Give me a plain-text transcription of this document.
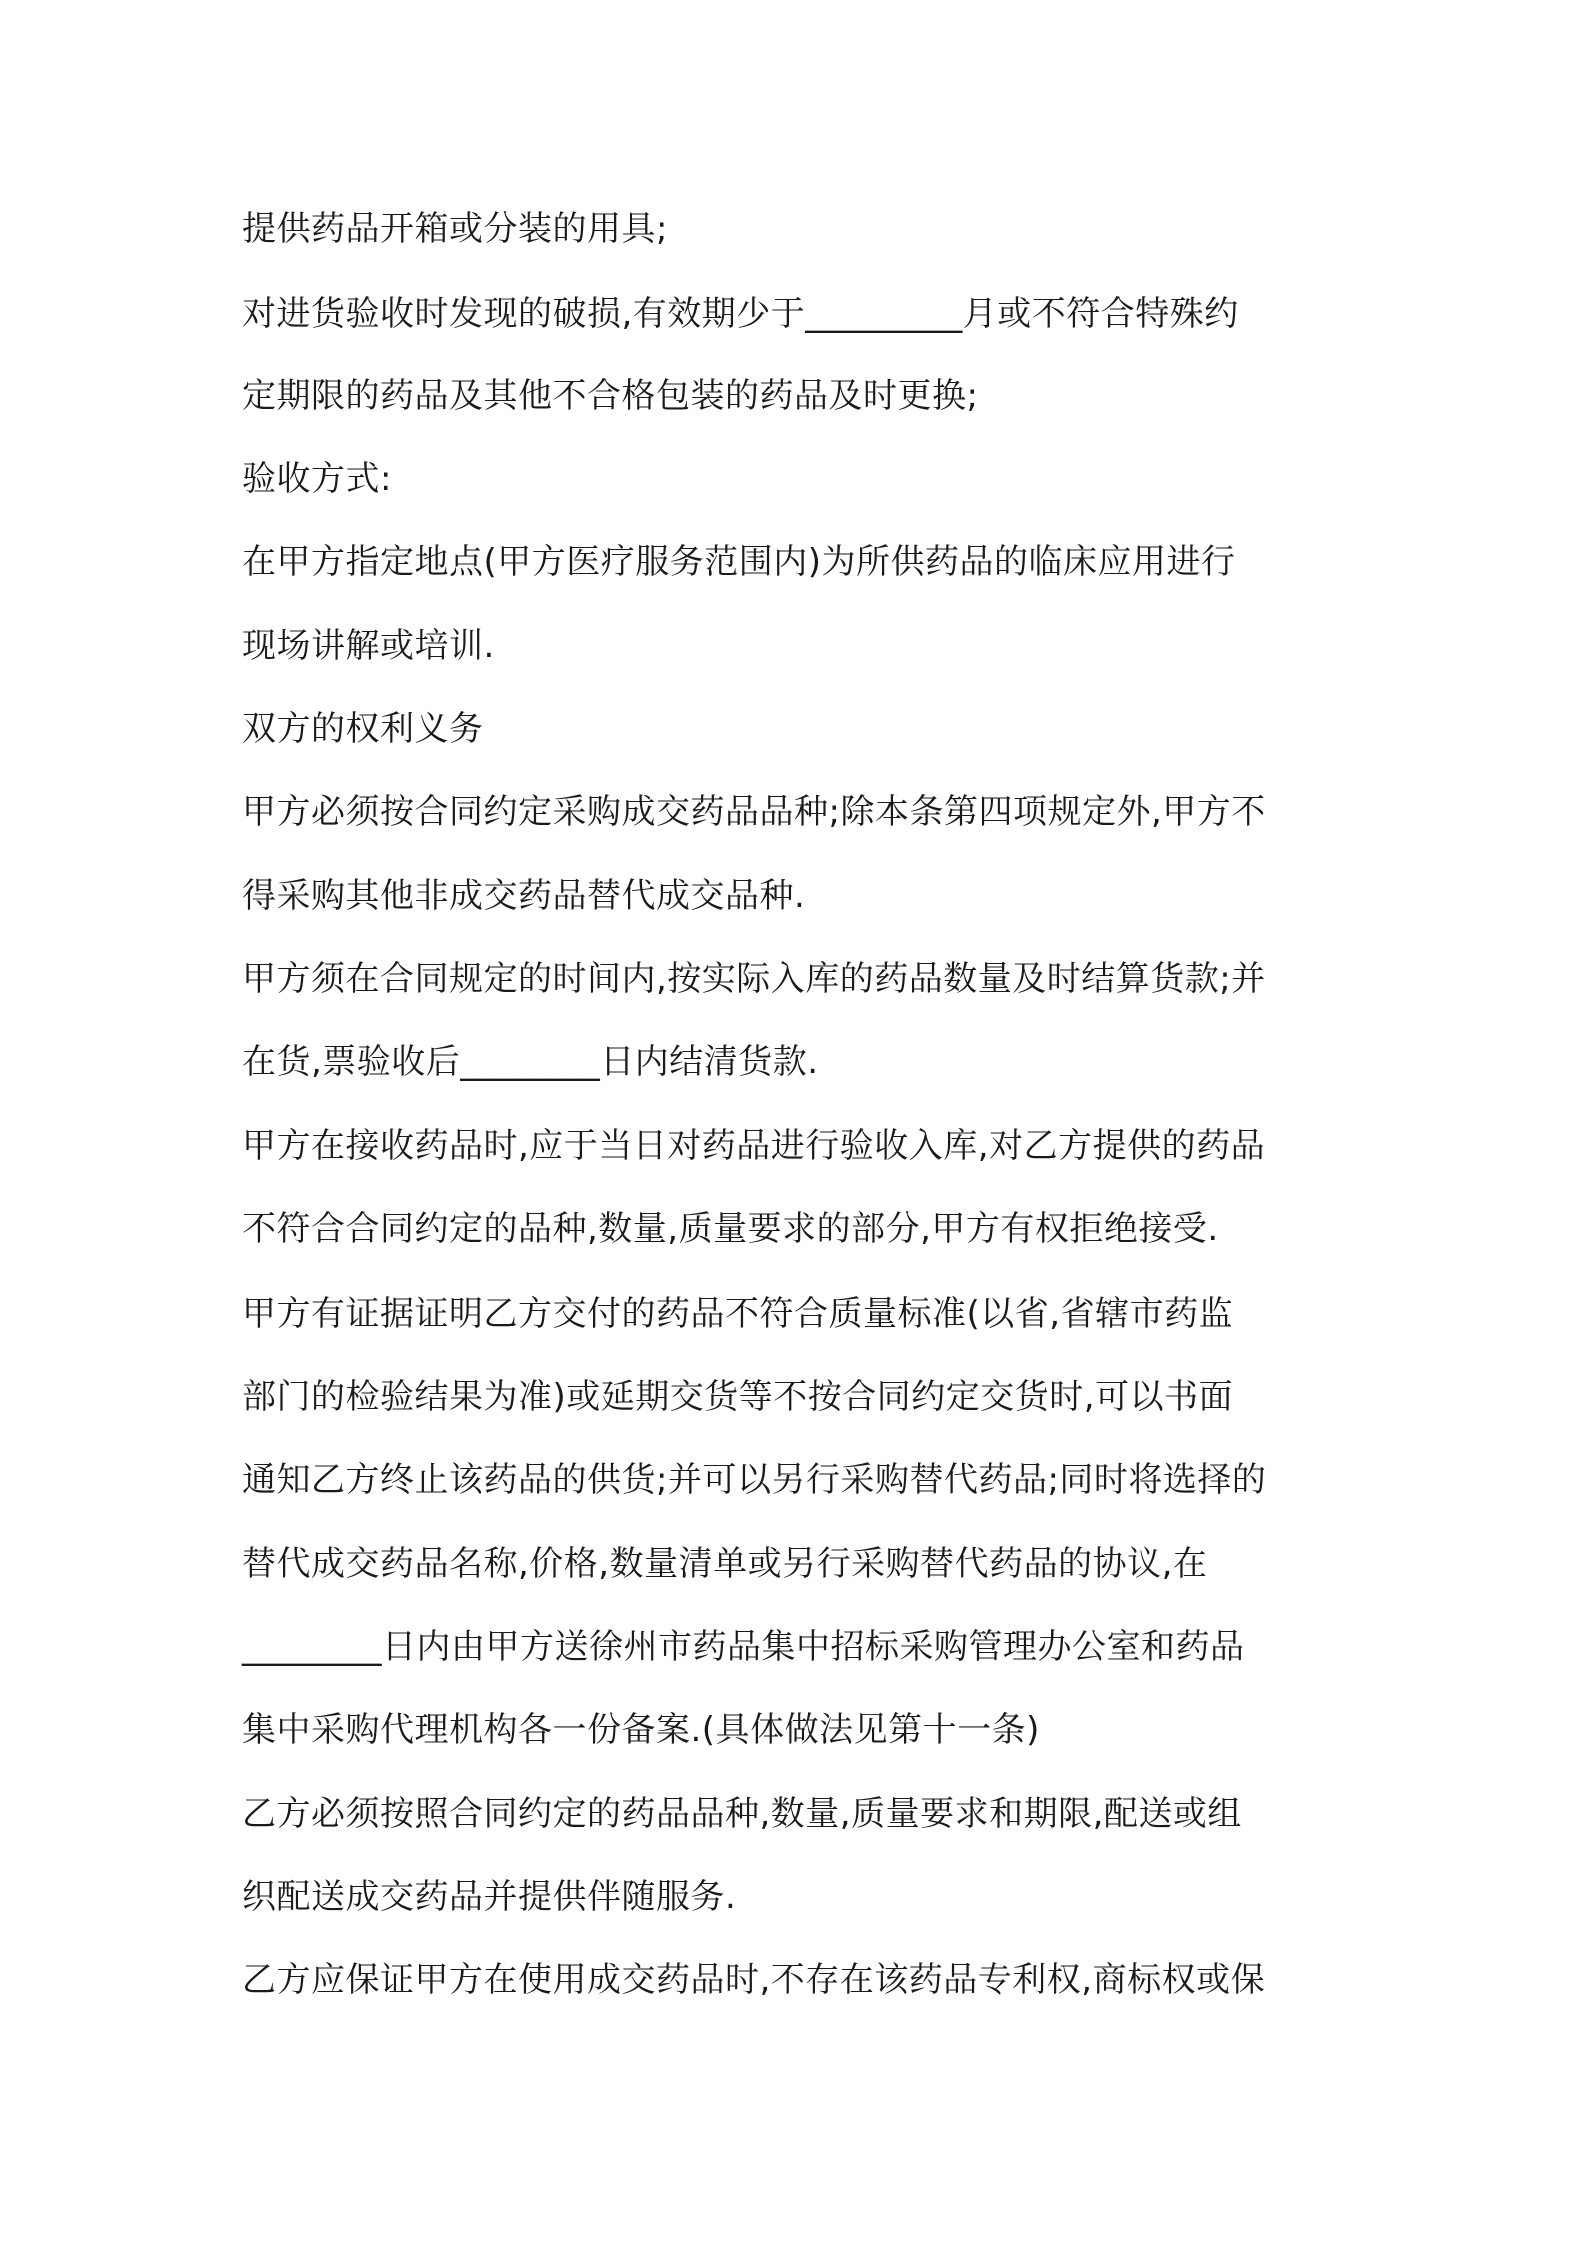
提供药品开箱或分装的用具;
对进货验收时发现的破损,有效期少于_________月或不符合特殊约
定期限的药品及其他不合格包装的药品及时更换;
验收方式:
在甲方指定地点(甲方医疗服务范围内)为所供药品的临床应用进行
现场讲解或培训.
双方的权利义务
甲方必须按合同约定采购成交药品品种;除本条第四项规定外,甲方不
得采购其他非成交药品替代成交品种.
甲方须在合同规定的时间内,按实际入库的药品数量及时结算货款;并
在货,票验收后________日内结清货款.
甲方在接收药品时,应于当日对药品进行验收入库,对乙方提供的药品
不符合合同约定的品种,数量,质量要求的部分,甲方有权拒绝接受.
甲方有证据证明乙方交付的药品不符合质量标准(以省,省辖市药监
部门的检验结果为准)或延期交货等不按合同约定交货时,可以书面
通知乙方终止该药品的供货;并可以另行采购替代药品;同时将选择的
替代成交药品名称,价格,数量清单或另行采购替代药品的协议,在
________日内由甲方送徐州市药品集中招标采购管理办公室和药品
集中采购代理机构各一份备案.(具体做法见第十一条)
乙方必须按照合同约定的药品品种,数量,质量要求和期限,配送或组
织配送成交药品并提供伴随服务.
乙方应保证甲方在使用成交药品时,不存在该药品专利权,商标权或保
